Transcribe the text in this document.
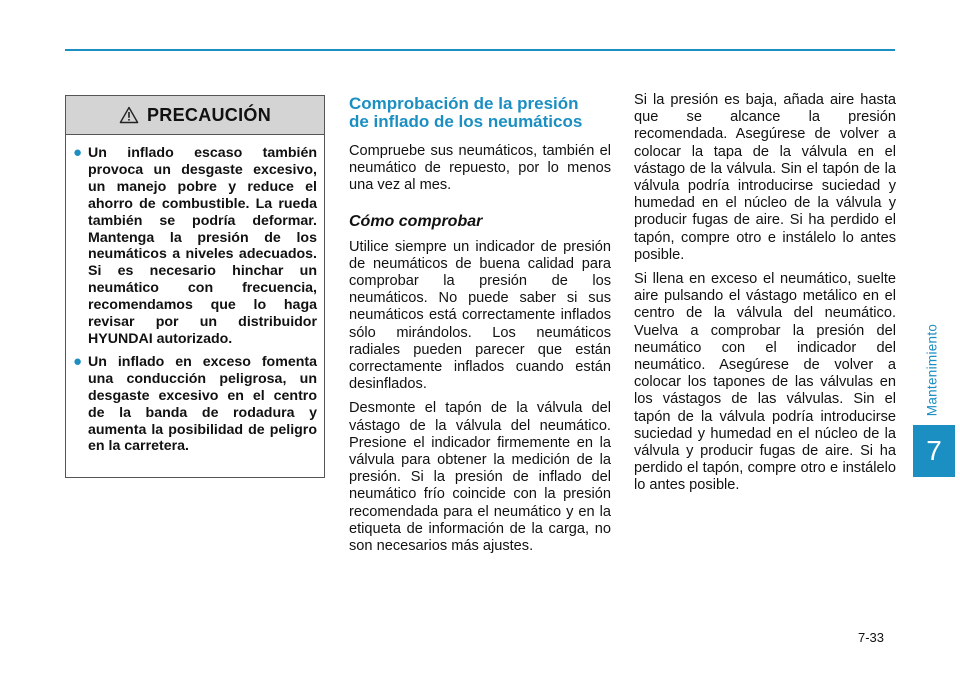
Mantenimiento
7
PRECAUCIÓN
● Un inflado escaso también provoca un desgaste excesivo, un manejo pobre y reduce el ahorro de combustible. La rueda también se podría deformar. Mantenga la presión de los neumáticos a niveles adecuados. Si es necesario hinchar un neumático con frecuencia, recomendamos que lo haga revisar por un distribuidor HYUNDAI autorizado.
● Un inflado en exceso fomenta una conducción peligrosa, un desgaste excesivo en el centro de la banda de rodadura y aumenta la posibilidad de peligro en la carretera.
Comprobación de la presión
de inflado de los neumáticos

Compruebe sus neumáticos, también el neumático de repuesto, por lo menos una vez al mes.

Cómo comprobar

Utilice siempre un indicador de presión de neumáticos de buena calidad para comprobar la presión de los neumáticos. No puede saber si sus neumáticos está correctamente inflados sólo mirándolos. Los neumáticos radiales pueden parecer que están correctamente inflados cuando están desinflados.

Desmonte el tapón de la válvula del vástago de la válvula del neumático. Presione el indicador firmemente en la válvula para obtener la medición de la presión. Si la presión de inflado del neumático frío coincide con la presión recomendada para el neumático y en la etiqueta de información de la carga, no son necesarios más ajustes.

Si la presión es baja, añada aire hasta que se alcance la presión recomendada. Asegúrese de volver a colocar la tapa de la válvula en el vástago de la válvula. Sin el tapón de la válvula podría introducirse suciedad y humedad en el núcleo de la válvula y producir fugas de aire. Si ha perdido el tapón, compre otro e instálelo lo antes posible.

Si llena en exceso el neumático, suelte aire pulsando el vástago metálico en el centro de la válvula del neumático. Vuelva a comprobar la presión del neumático con el indicador del neumático. Asegúrese de volver a colocar los tapones de las válvulas en los vástagos de las válvulas. Sin el tapón de la válvula podría introducirse suciedad y humedad en el núcleo de la válvula y producir fugas de aire. Si ha perdido el tapón, compre otro e instálelo lo antes posible.

7-33
